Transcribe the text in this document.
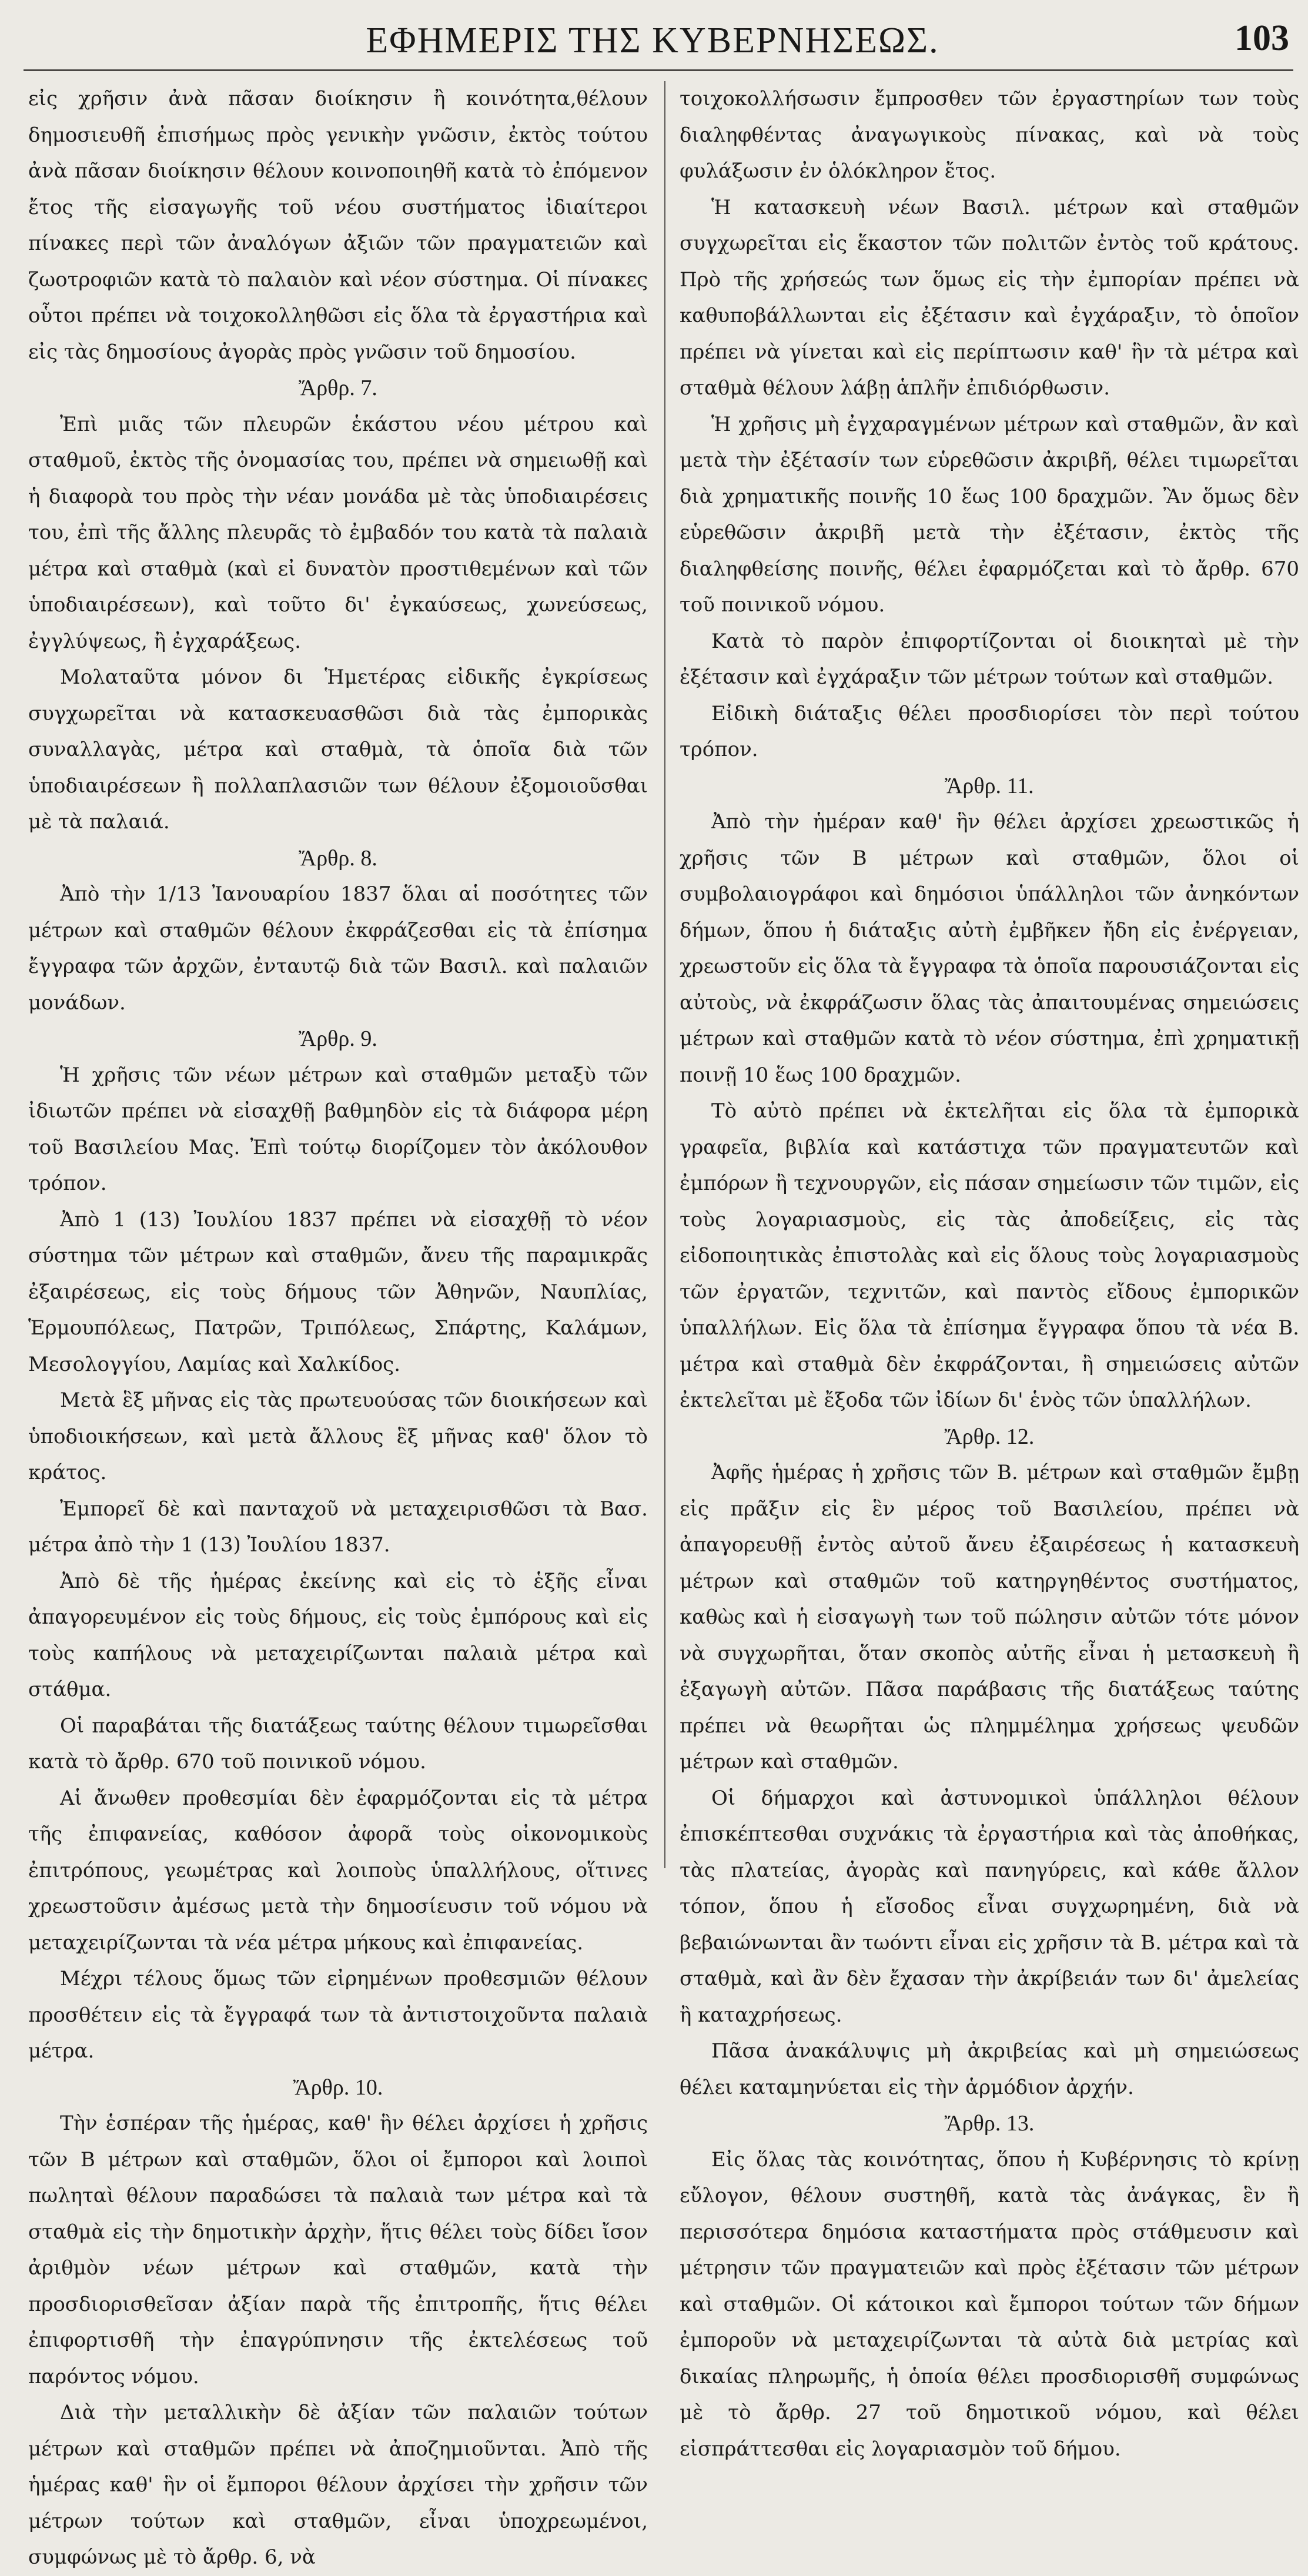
ΕΦΗΜΕΡΙΣ ΤΗΣ ΚΥΒΕΡΝΗΣΕΩΣ.	103

εἰς χρῆσιν ἀνὰ πᾶσαν διοίκησιν ἢ κοινότητα,θέλουν δημοσιευθῆ ἐπισήμως πρὸς γενικὴν γνῶσιν, ἐκτὸς τούτου ἀνὰ πᾶσαν διοίκησιν θέλουν κοινοποιηθῆ κατὰ τὸ ἐπόμενον ἔτος τῆς εἰσαγωγῆς τοῦ νέου συστήματος ἰδιαίτεροι πίνακες περὶ τῶν ἀναλόγων ἀξιῶν τῶν πραγματειῶν καὶ ζωοτροφιῶν κατὰ τὸ παλαιὸν καὶ νέον σύστημα. Οἱ πίνακες οὗτοι πρέπει νὰ τοιχοκολληθῶσι εἰς ὅλα τὰ ἐργαστήρια καὶ εἰς τὰς δημοσίους ἀγορὰς πρὸς γνῶσιν τοῦ δημοσίου.

Ἄρθρ. 7.

Ἐπὶ μιᾶς τῶν πλευρῶν ἑκάστου νέου μέτρου καὶ σταθμοῦ, ἐκτὸς τῆς ὀνομασίας του, πρέπει νὰ σημειωθῇ καὶ ἡ διαφορὰ του πρὸς τὴν νέαν μονάδα μὲ τὰς ὑποδιαιρέσεις του, ἐπὶ τῆς ἄλλης πλευρᾶς τὸ ἐμβαδόν του κατὰ τὰ παλαιὰ μέτρα καὶ σταθμὰ (καὶ εἰ δυνατὸν προστιθεμένων καὶ τῶν ὑποδιαιρέσεων), καὶ τοῦτο δι' ἐγκαύσεως, χωνεύσεως, ἐγγλύψεως, ἢ ἐγχαράξεως.

Μολαταῦτα μόνον δι Ἡμετέρας εἰδικῆς ἐγκρίσεως συγχωρεῖται νὰ κατασκευασθῶσι διὰ τὰς ἐμπορικὰς συναλλαγὰς, μέτρα καὶ σταθμὰ, τὰ ὁποῖα διὰ τῶν ὑποδιαιρέσεων ἢ πολλαπλασιῶν των θέλουν ἐξομοιοῦσθαι μὲ τὰ παλαιά.

Ἄρθρ. 8.

Ἀπὸ τὴν 1/13 Ἰανουαρίου 1837 ὅλαι αἱ ποσότητες τῶν μέτρων καὶ σταθμῶν θέλουν ἐκφράζεσθαι εἰς τὰ ἐπίσημα ἔγγραφα τῶν ἀρχῶν, ἐνταυτῷ διὰ τῶν Βασιλ. καὶ παλαιῶν μονάδων.

Ἄρθρ. 9.

Ἡ χρῆσις τῶν νέων μέτρων καὶ σταθμῶν μεταξὺ τῶν ἰδιωτῶν πρέπει νὰ εἰσαχθῇ βαθμηδὸν εἰς τὰ διάφορα μέρη τοῦ Βασιλείου Μας. Ἐπὶ τούτῳ διορίζομεν τὸν ἀκόλουθον τρόπον.

Ἀπὸ 1 (13) Ἰουλίου 1837 πρέπει νὰ εἰσαχθῇ τὸ νέον σύστημα τῶν μέτρων καὶ σταθμῶν, ἄνευ τῆς παραμικρᾶς ἐξαιρέσεως, εἰς τοὺς δήμους τῶν Ἀθηνῶν, Ναυπλίας, Ἑρμουπόλεως, Πατρῶν, Τριπόλεως, Σπάρτης, Καλάμων, Μεσολογγίου, Λαμίας καὶ Χαλκίδος.

Μετὰ ἓξ μῆνας εἰς τὰς πρωτευούσας τῶν διοικήσεων καὶ ὑποδιοικήσεων, καὶ μετὰ ἄλλους ἓξ μῆνας καθ' ὅλον τὸ κράτος.

Ἐμπορεῖ δὲ καὶ πανταχοῦ νὰ μεταχειρισθῶσι τὰ Βασ. μέτρα ἀπὸ τὴν 1 (13) Ἰουλίου 1837.

Ἀπὸ δὲ τῆς ἡμέρας ἐκείνης καὶ εἰς τὸ ἑξῆς εἶναι ἀπαγορευμένον εἰς τοὺς δήμους, εἰς τοὺς ἐμπόρους καὶ εἰς τοὺς καπήλους νὰ μεταχειρίζωνται παλαιὰ μέτρα καὶ στάθμα.

Οἱ παραβάται τῆς διατάξεως ταύτης θέλουν τιμωρεῖσθαι κατὰ τὸ ἄρθρ. 670 τοῦ ποινικοῦ νόμου.

Αἱ ἄνωθεν προθεσμίαι δὲν ἐφαρμόζονται εἰς τὰ μέτρα τῆς ἐπιφανείας, καθόσον ἀφορᾶ τοὺς οἰκονομικοὺς ἐπιτρόπους, γεωμέτρας καὶ λοιποὺς ὑπαλλήλους, οἵτινες χρεωστοῦσιν ἀμέσως μετὰ τὴν δημοσίευσιν τοῦ νόμου νὰ μεταχειρίζωνται τὰ νέα μέτρα μήκους καὶ ἐπιφανείας.

Μέχρι τέλους ὅμως τῶν εἰρημένων προθεσμιῶν θέλουν προσθέτειν εἰς τὰ ἔγγραφά των τὰ ἀντιστοιχοῦντα παλαιὰ μέτρα.

Ἄρθρ. 10.

Τὴν ἑσπέραν τῆς ἡμέρας, καθ' ἣν θέλει ἀρχίσει ἡ χρῆσις τῶν Β μέτρων καὶ σταθμῶν, ὅλοι οἱ ἔμποροι καὶ λοιποὶ πωληταὶ θέλουν παραδώσει τὰ παλαιὰ των μέτρα καὶ τὰ σταθμὰ εἰς τὴν δημοτικὴν ἀρχὴν, ἥτις θέλει τοὺς δίδει ἴσον ἀριθμὸν νέων μέτρων καὶ σταθμῶν, κατὰ τὴν προσδιορισθεῖσαν ἀξίαν παρὰ τῆς ἐπιτροπῆς, ἥτις θέλει ἐπιφορτισθῆ τὴν ἐπαγρύπνησιν τῆς ἐκτελέσεως τοῦ παρόντος νόμου.

Διὰ τὴν μεταλλικὴν δὲ ἀξίαν τῶν παλαιῶν τούτων μέτρων καὶ σταθμῶν πρέπει νὰ ἀποζημιοῦνται. Ἀπὸ τῆς ἡμέρας καθ' ἣν οἱ ἔμποροι θέλουν ἀρχίσει τὴν χρῆσιν τῶν μέτρων τούτων καὶ σταθμῶν, εἶναι ὑποχρεωμένοι, συμφώνως μὲ τὸ ἄρθρ. 6, νὰ

τοιχοκολλήσωσιν ἔμπροσθεν τῶν ἐργαστηρίων των τοὺς διαληφθέντας ἀναγωγικοὺς πίνακας, καὶ νὰ τοὺς φυλάξωσιν ἐν ὁλόκληρον ἔτος.

Ἡ κατασκευὴ νέων Βασιλ. μέτρων καὶ σταθμῶν συγχωρεῖται εἰς ἕκαστον τῶν πολιτῶν ἐντὸς τοῦ κράτους. Πρὸ τῆς χρήσεώς των ὅμως εἰς τὴν ἐμπορίαν πρέπει νὰ καθυποβάλλωνται εἰς ἐξέτασιν καὶ ἐγχάραξιν, τὸ ὁποῖον πρέπει νὰ γίνεται καὶ εἰς περίπτωσιν καθ' ἣν τὰ μέτρα καὶ σταθμὰ θέλουν λάβῃ ἁπλῆν ἐπιδιόρθωσιν.

Ἡ χρῆσις μὴ ἐγχαραγμένων μέτρων καὶ σταθμῶν, ἂν καὶ μετὰ τὴν ἐξέτασίν των εὑρεθῶσιν ἀκριβῆ, θέλει τιμωρεῖται διὰ χρηματικῆς ποινῆς 10 ἕως 100 δραχμῶν. Ἂν ὅμως δὲν εὑρεθῶσιν ἀκριβῆ μετὰ τὴν ἐξέτασιν, ἐκτὸς τῆς διαληφθείσης ποινῆς, θέλει ἐφαρμόζεται καὶ τὸ ἄρθρ. 670 τοῦ ποινικοῦ νόμου.

Κατὰ τὸ παρὸν ἐπιφορτίζονται οἱ διοικηταὶ μὲ τὴν ἐξέτασιν καὶ ἐγχάραξιν τῶν μέτρων τούτων καὶ σταθμῶν.

Εἰδικὴ διάταξις θέλει προσδιορίσει τὸν περὶ τούτου τρόπον.

Ἄρθρ. 11.

Ἀπὸ τὴν ἡμέραν καθ' ἣν θέλει ἀρχίσει χρεωστικῶς ἡ χρῆσις τῶν Β μέτρων καὶ σταθμῶν, ὅλοι οἱ συμβολαιογράφοι καὶ δημόσιοι ὑπάλληλοι τῶν ἀνηκόντων δήμων, ὅπου ἡ διάταξις αὐτὴ ἐμβῆκεν ἤδη εἰς ἐνέργειαν, χρεωστοῦν εἰς ὅλα τὰ ἔγγραφα τὰ ὁποῖα παρουσιάζονται εἰς αὐτοὺς, νὰ ἐκφράζωσιν ὅλας τὰς ἀπαιτουμένας σημειώσεις μέτρων καὶ σταθμῶν κατὰ τὸ νέον σύστημα, ἐπὶ χρηματικῇ ποινῇ 10 ἕως 100 δραχμῶν.

Τὸ αὐτὸ πρέπει νὰ ἐκτελῆται εἰς ὅλα τὰ ἐμπορικὰ γραφεῖα, βιβλία καὶ κατάστιχα τῶν πραγματευτῶν καὶ ἐμπόρων ἢ τεχνουργῶν, εἰς πάσαν σημείωσιν τῶν τιμῶν, εἰς τοὺς λογαριασμοὺς, εἰς τὰς ἀποδείξεις, εἰς τὰς εἰδοποιητικὰς ἐπιστολὰς καὶ εἰς ὅλους τοὺς λογαριασμοὺς τῶν ἐργατῶν, τεχνιτῶν, καὶ παντὸς εἴδους ἐμπορικῶν ὑπαλλήλων. Εἰς ὅλα τὰ ἐπίσημα ἔγγραφα ὅπου τὰ νέα Β. μέτρα καὶ σταθμὰ δὲν ἐκφράζονται, ἢ σημειώσεις αὐτῶν ἐκτελεῖται μὲ ἔξοδα τῶν ἰδίων δι' ἑνὸς τῶν ὑπαλλήλων.

Ἄρθρ. 12.

Ἀφῆς ἡμέρας ἡ χρῆσις τῶν Β. μέτρων καὶ σταθμῶν ἔμβῃ εἰς πρᾶξιν εἰς ἓν μέρος τοῦ Βασιλείου, πρέπει νὰ ἀπαγορευθῇ ἐντὸς αὐτοῦ ἄνευ ἐξαιρέσεως ἡ κατασκευὴ μέτρων καὶ σταθμῶν τοῦ κατηργηθέντος συστήματος, καθὼς καὶ ἡ εἰσαγωγὴ των τοῦ πώλησιν αὐτῶν τότε μόνον νὰ συγχωρῆται, ὅταν σκοπὸς αὐτῆς εἶναι ἡ μετασκευὴ ἢ ἐξαγωγὴ αὐτῶν. Πᾶσα παράβασις τῆς διατάξεως ταύτης πρέπει νὰ θεωρῆται ὡς πλημμέλημα χρήσεως ψευδῶν μέτρων καὶ σταθμῶν.

Οἱ δήμαρχοι καὶ ἀστυνομικοὶ ὑπάλληλοι θέλουν ἐπισκέπτεσθαι συχνάκις τὰ ἐργαστήρια καὶ τὰς ἀποθήκας, τὰς πλατείας, ἀγορὰς καὶ πανηγύρεις, καὶ κάθε ἄλλον τόπον, ὅπου ἡ εἴσοδος εἶναι συγχωρημένη, διὰ νὰ βεβαιώνωνται ἂν τωόντι εἶναι εἰς χρῆσιν τὰ Β. μέτρα καὶ τὰ σταθμὰ, καὶ ἂν δὲν ἔχασαν τὴν ἀκρίβειάν των δι' ἀμελείας ἢ καταχρήσεως.

Πᾶσα ἀνακάλυψις μὴ ἀκριβείας καὶ μὴ σημειώσεως θέλει καταμηνύεται εἰς τὴν ἁρμόδιον ἀρχήν.

Ἄρθρ. 13.

Εἰς ὅλας τὰς κοινότητας, ὅπου ἡ Κυβέρνησις τὸ κρίνῃ εὔλογον, θέλουν συστηθῆ, κατὰ τὰς ἀνάγκας, ἓν ἢ περισσότερα δημόσια καταστήματα πρὸς στάθμευσιν καὶ μέτρησιν τῶν πραγματειῶν καὶ πρὸς ἐξέτασιν τῶν μέτρων καὶ σταθμῶν. Οἱ κάτοικοι καὶ ἔμποροι τούτων τῶν δήμων ἐμποροῦν νὰ μεταχειρίζωνται τὰ αὐτὰ διὰ μετρίας καὶ δικαίας πληρωμῆς, ἡ ὁποία θέλει προσδιορισθῆ συμφώνως μὲ τὸ ἄρθρ. 27 τοῦ δημοτικοῦ νόμου, καὶ θέλει εἰσπράττεσθαι εἰς λογαριασμὸν τοῦ δήμου.
